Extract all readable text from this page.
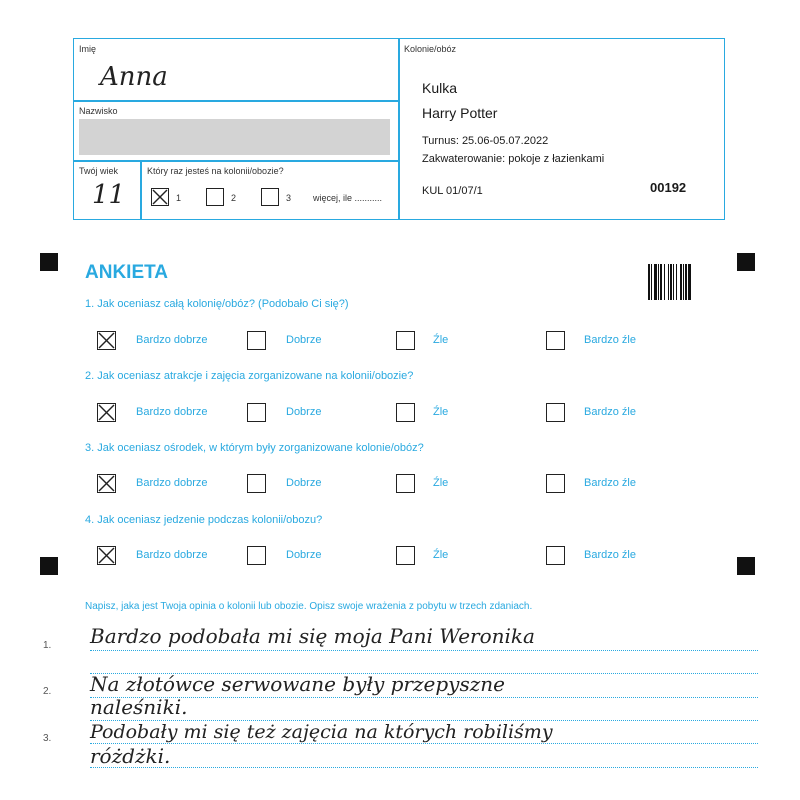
Imię
Anna
Nazwisko
Twój wiek
11
Który raz jesteś na kolonii/obozie?
1	2	3 więcej, ile ...........
Kolonie/obóz
Kulka
Harry Potter
Turnus: 25.06-05.07.2022
Zakwaterowanie: pokoje z łazienkami
KUL 01/07/1	00192
ANKIETA
1. Jak oceniasz całą kolonię/obóz? (Podobało Ci się?)
2. Jak oceniasz atrakcje i zajęcia zorganizowane na kolonii/obozie?
3. Jak oceniasz ośrodek, w którym były zorganizowane kolonie/obóz?
4. Jak oceniasz jedzenie podczas kolonii/obozu?
Bardzo dobrze	Dobrze	Źle	Bardzo źle
Bardzo dobrze	Dobrze	Źle	Bardzo źle
Bardzo dobrze	Dobrze	Źle	Bardzo źle
Bardzo dobrze	Dobrze	Źle	Bardzo źle
Napisz, jaka jest Twoja opinia o kolonii lub obozie. Opisz swoje wrażenia z pobytu w trzech zdaniach.
1.
2.
3.
Bardzo podobała mi się moja Pani Weronika
Na złotówce serwowane były przepyszne
naleśniki.
Podobały mi się też zajęcia na których robiliśmy
różdżki.
